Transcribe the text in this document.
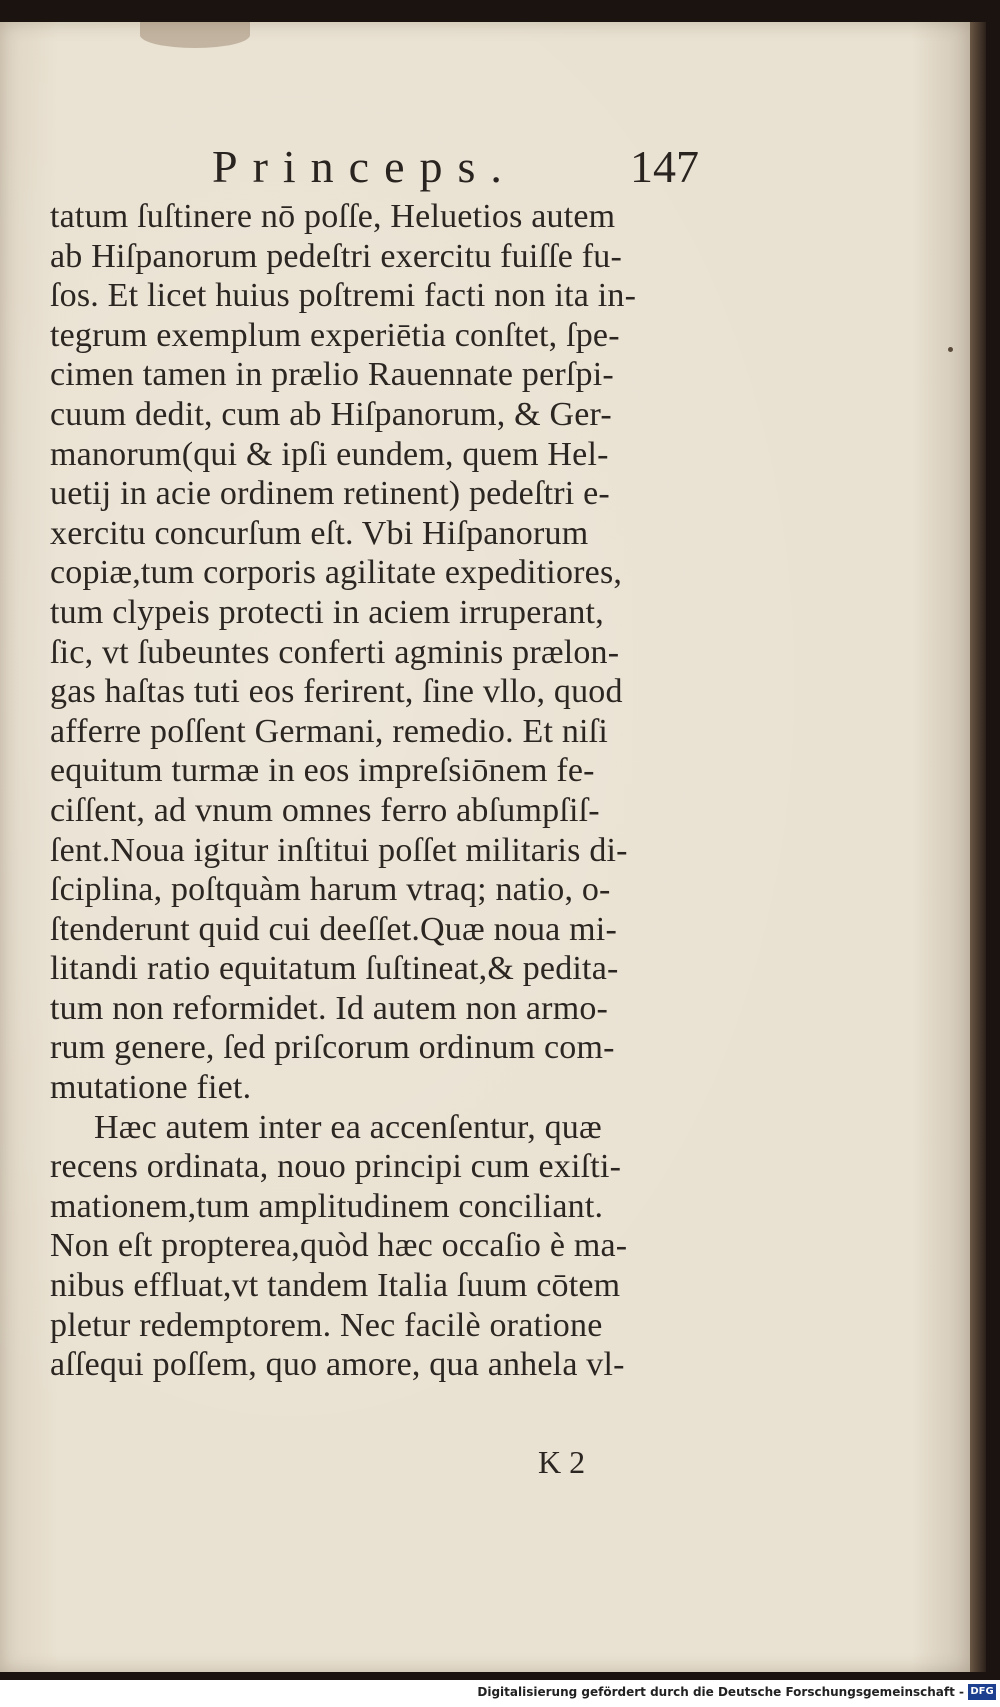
Princeps. 147
tatum ſuſtinere nō poſſe, Heluetios autem
ab Hiſpanorum pedeſtri exercitu fuiſſe fu-
ſos. Et licet huius poſtremi facti non ita in-
tegrum exemplum experiētia conſtet, ſpe-
cimen tamen in prælio Rauennate perſpi-
cuum dedit, cum ab Hiſpanorum, & Ger-
manorum(qui & ipſi eundem, quem Hel-
uetij in acie ordinem retinent) pedeſtri e-
xercitu concurſum eſt. Vbi Hiſpanorum
copiæ,tum corporis agilitate expeditiores,
tum clypeis protecti in aciem irruperant,
ſic, vt ſubeuntes conferti agminis prælon-
gas haſtas tuti eos ferirent, ſine vllo, quod
afferre poſſent Germani, remedio. Et niſi
equitum turmæ in eos impreſsiōnem fe-
ciſſent, ad vnum omnes ferro abſumpſiſ-
ſent.Noua igitur inſtitui poſſet militaris di-
ſciplina, poſtquàm harum vtraq; natio, o-
ſtenderunt quid cui deeſſet.Quæ noua mi-
litandi ratio equitatum ſuſtineat,& pedita-
tum non reformidet. Id autem non armo-
rum genere, ſed priſcorum ordinum com-
mutatione fiet.
Hæc autem inter ea accenſentur, quæ
recens ordinata, nouo principi cum exiſti-
mationem,tum amplitudinem conciliant.
Non eſt propterea,quòd hæc occaſio è ma-
nibus effluat,vt tandem Italia ſuum cōtem
pletur redemptorem. Nec facilè oratione
aſſequi poſſem, quo amore, qua anhela vl-
K 2
Digitalisierung gefördert durch die Deutsche Forschungsgemeinschaft - DFG
